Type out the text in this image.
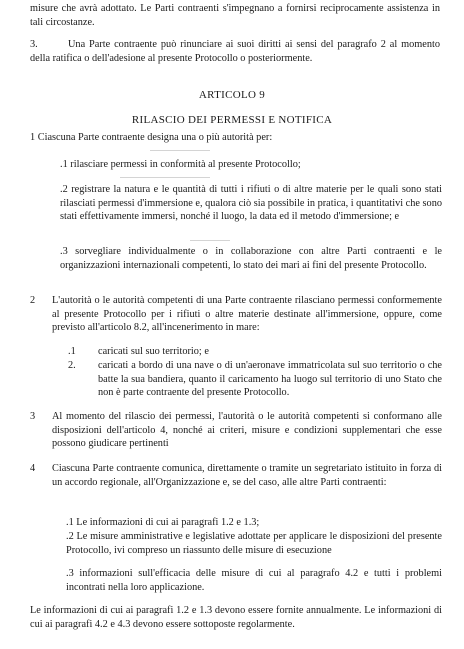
misure che avrà adottato. Le Parti contraenti s'impegnano a fornirsi reciprocamente assistenza in tali circostanze.

3.	Una Parte contraente può rinunciare ai suoi diritti ai sensi del paragrafo 2 al momento della ratifica o dell'adesione al presente Protocollo o posteriormente.

ARTICOLO 9
RILASCIO DEI PERMESSI E NOTIFICA

1 Ciascuna Parte contraente designa una o più autorità per:

.1 rilasciare permessi in conformità al presente Protocollo;

.2 registrare la natura e le quantità di tutti i rifiuti o di altre materie per le quali sono stati rilasciati permessi d'immersione e, qualora ciò sia possibile in pratica, i quantitativi che sono stati effettivamente immersi, nonché il luogo, la data ed il metodo d'immersione; e

.3 sorvegliare individualmente o in collaborazione con altre Parti contraenti e le organizzazioni internazionali competenti, lo stato dei mari ai fini del presente Protocollo.

2 L'autorità o le autorità competenti di una Parte contraente rilasciano permessi conformemente al presente Protocollo per i rifiuti o altre materie destinate all'immersione, oppure, come previsto all'articolo 8.2, all'incenerimento in mare:

.1 caricati sul suo territorio; e

2. caricati a bordo di una nave o di un'aeronave immatricolata sul suo territorio o che batte la sua bandiera, quanto il caricamento ha luogo sul territorio di uno Stato che non è parte contraente del presente Protocollo.

3 Al momento del rilascio dei permessi, l'autorità o le autorità competenti si conformano alle disposizioni dell'articolo 4, nonché ai criteri, misure e condizioni supplementari che esse possono giudicare pertinenti

4 Ciascuna Parte contraente comunica, direttamente o tramite un segretariato istituito in forza di un accordo regionale, all'Organizzazione e, se del caso, alle altre Parti contraenti:

.1 Le informazioni di cui ai paragrafi 1.2 e 1.3;

.2 Le misure amministrative e legislative adottate per applicare le disposizioni del presente Protocollo, ivi compreso un riassunto delle misure di esecuzione

.3 informazioni sull'efficacia delle misure di cui al paragrafo 4.2 e tutti i problemi incontrati nella loro applicazione.

Le informazioni di cui ai paragrafi 1.2 e 1.3 devono essere fornite annualmente. Le informazioni di cui ai paragrafi 4.2 e 4.3 devono essere sottoposte regolarmente.
